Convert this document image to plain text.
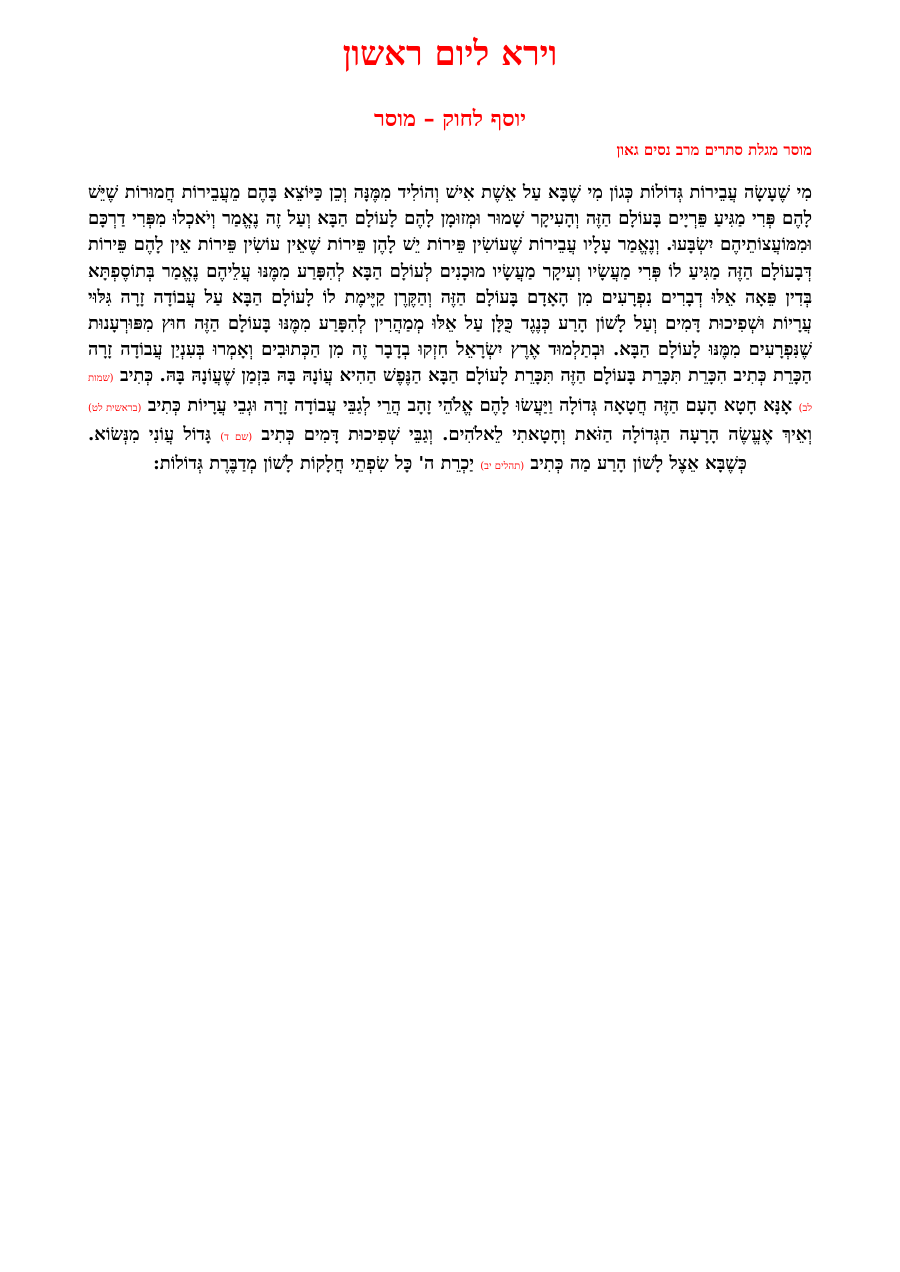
וירא ליום ראשון
יוסף לחוק – מוסר
מוסר מגלת סתרים מרב נסים גאון

מִי שֶׁעָשָׂה עֲבֵירוֹת גְּדוֹלוֹת כְּגוֹן מִי שֶׁבָּא עַל אֵשֶׁת אִישׁ וְהוֹלִיד מִמֶּנָּה וְכֵן כַּיּוֹצֵא בָּהֶם מֵעֲבֵירוֹת חֲמוּרוֹת שֶׁיֵּשׁ לָהֶם פְּרִי מַגִּיעַ פֵּרְיָים בָּעוֹלָם הַזֶּה וְהָעִיקָר שָׁמוּר וּמְזוּמָן לָהֶם לָעוֹלָם הַבָּא וְעַל זֶה נֶאֱמַר וְיֹאכְלוּ מִפְּרִי דַרְכָּם וּמִמּוֹעֲצוֹתֵיהֶם יִשְׂבָּעוּ. וְנֶאֱמַר עָלָיו עֲבֵירוֹת שֶׁעוֹשִׂין פֵּירוֹת יֵשׁ לָהֶן פֵּירוֹת שֶׁאֵין עוֹשִׂין פֵּירוֹת אֵין לָהֶם פֵּירוֹת דְּבָעוֹלָם הַזֶּה מַגִּיעַ לוֹ פְּרִי מַעֲשָׂיו וְעִיקָר מַעֲשָׂיו מוּכָנִים לְעוֹלָם הַבָּא לְהִפָּרַע מִמֶּנּוּ עֲלֵיהֶם נֶאֱמַר בְּתוֹסֶפְתָּא בְּדִין פֵּאָה אֵלּוּ דְבָרִים נִפְרָעִים מִן הָאָדָם בָּעוֹלָם הַזֶּה וְהַקֶּרֶן קַיֶּימֶת לוֹ לָעוֹלָם הַבָּא עַל עֲבוֹדָה זָרָה גִּלּוּי עֲרָיוֹת וּשְׁפִיכוּת דָּמִים וְעַל לָשׁוֹן הָרַע כְּנֶגֶד כֻּלָּן עַל אֵלּוּ מְמַהֲרִין לְהִפָּרַע מִמֶּנּוּ בָּעוֹלָם הַזֶּה חוּץ מִפּוּרְעָנוּת שֶׁנִּפְרָעִים מִמֶּנּוּ לָעוֹלָם הַבָּא. וּבְתַלְמוּד אֶרֶץ יִשְׂרָאֵל חִזְקוּ בְדָבָר זֶה מִן הַכְּתוּבִים וְאָמְרוּ בְּעִנְיַן עֲבוֹדָה זָרָה הַכָּרֵת כְּתִיב הִכָּרֵת תִּכָּרֵת בָּעוֹלָם הַזֶּה תִּכָּרֵת לָעוֹלָם הַבָּא הַנֶּפֶשׁ הַהִיא עֲוֹנָהּ בָּהּ בִּזְמַן שֶׁעֲוֹנָהּ בָּהּ. כְּתִיב (שמות לב) אָנָּא חָטָא הָעָם הַזֶּה חֲטָאָה גְּדוֹלָה וַיַּעֲשׂוּ לָהֶם אֱלֹהֵי זָהָב הֲרֵי לְגַבֵּי עֲבוֹדָה זָרָה וּגְבֵי עֲרָיוֹת כְּתִיב (בראשית לט) וְאֵיךְ אֶעֱשֶׂה הָרָעָה הַגְּדוֹלָה הַזֹּאת וְחָטָאתִי לֵאלֹהִים. וְגַבֵּי שְׁפִיכוּת דָּמִים כְּתִיב (שם ד) גָּדוֹל עֲוֹנִי מִנְּשׂוֹא. כְּשֶׁבָּא אֵצֶל לָשׁוֹן הָרַע מַה כְּתִיב (תהלים יב) יַכְרֵת ה' כָּל שִׂפְתֵי חֲלָקוֹת לָשׁוֹן מְדַבֶּרֶת גְּדוֹלוֹת:
